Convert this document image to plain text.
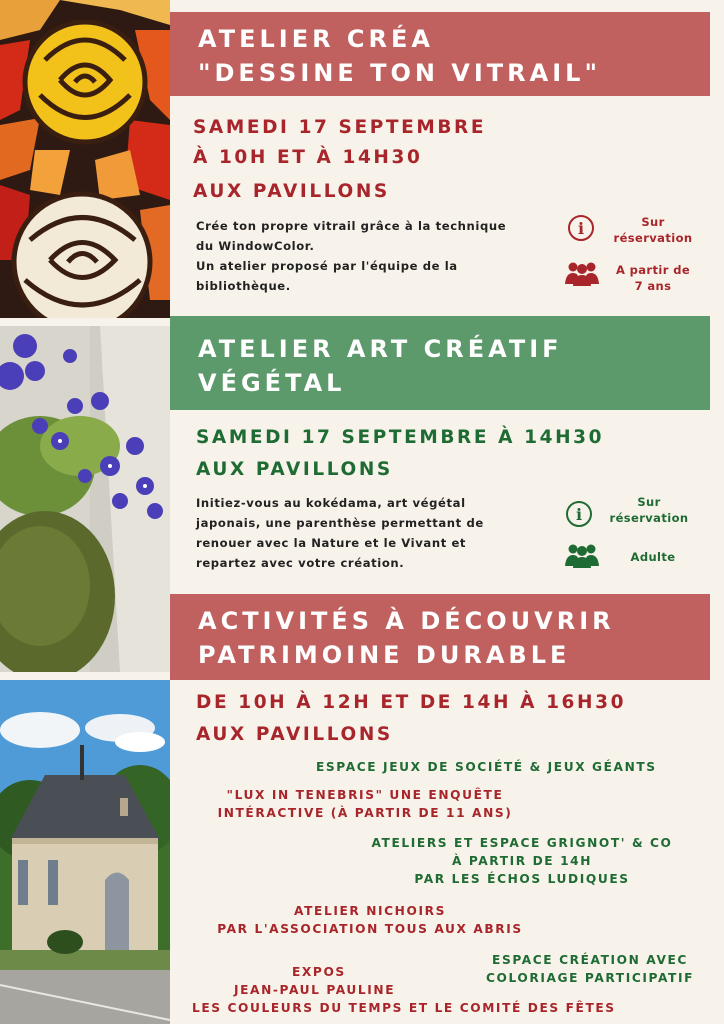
ATELIER CRÉA
"DESSINE TON VITRAIL"
SAMEDI 17 SEPTEMBRE
À 10H ET À 14H30
AUX PAVILLONS
Crée ton propre vitrail grâce à la technique
du WindowColor.
Un atelier proposé par l'équipe de la
bibliothèque.
i	Sur
réservation
A partir de
7 ans
ATELIER ART CRÉATIF
VÉGÉTAL
SAMEDI 17 SEPTEMBRE À 14H30
AUX PAVILLONS
Initiez-vous au kokédama, art végétal
japonais, une parenthèse permettant de
renouer avec la Nature et le Vivant et
repartez avec votre création.
i
Sur
réservation
Adulte
ACTIVITÉS À DÉCOUVRIR
PATRIMOINE DURABLE
DE 10H À 12H ET DE 14H À 16H30
AUX PAVILLONS
ESPACE JEUX DE SOCIÉTÉ & JEUX GÉANTS
"LUX IN TENEBRIS" UNE ENQUÊTE
INTÉRACTIVE (À PARTIR DE 11 ANS)
ATELIERS ET ESPACE GRIGNOT' & CO
À PARTIR DE 14H
PAR LES ÉCHOS LUDIQUES
ATELIER NICHOIRS
PAR L'ASSOCIATION TOUS AUX ABRIS
ESPACE CRÉATION AVEC
COLORIAGE PARTICIPATIF
EXPOS
JEAN-PAUL PAULINE
LES COULEURS DU TEMPS ET LE COMITÉ DES FÊTES
